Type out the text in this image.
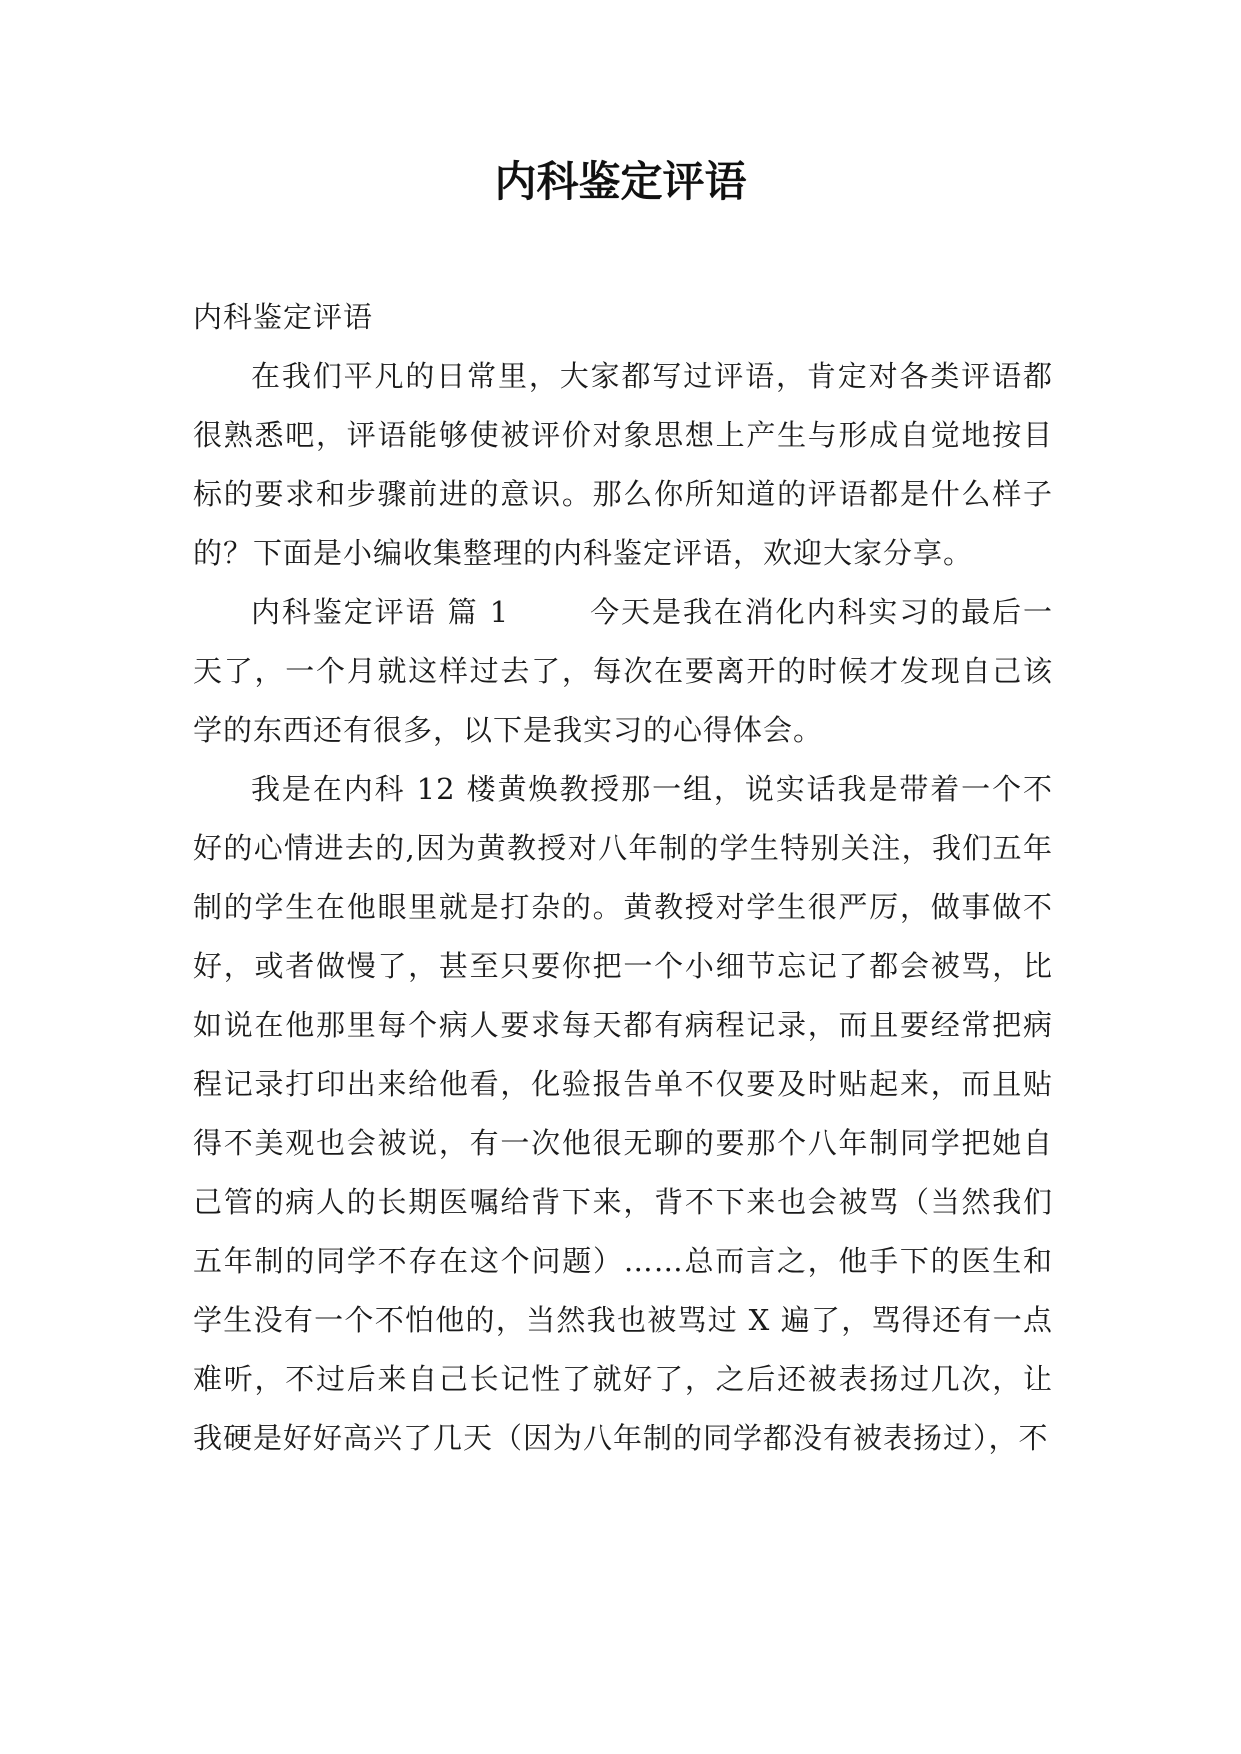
内科鉴定评语

内科鉴定评语

在我们平凡的日常里，大家都写过评语，肯定对各类评语都很熟悉吧，评语能够使被评价对象思想上产生与形成自觉地按目标的要求和步骤前进的意识。那么你所知道的评语都是什么样子的？下面是小编收集整理的内科鉴定评语，欢迎大家分享。

内科鉴定评语 篇 1	今天是我在消化内科实习的最后一天了，一个月就这样过去了，每次在要离开的时候才发现自己该学的东西还有很多，以下是我实习的心得体会。

我是在内科 12 楼黄焕教授那一组，说实话我是带着一个不好的心情进去的,因为黄教授对八年制的学生特别关注，我们五年制的学生在他眼里就是打杂的。黄教授对学生很严厉，做事做不好，或者做慢了，甚至只要你把一个小细节忘记了都会被骂，比如说在他那里每个病人要求每天都有病程记录，而且要经常把病程记录打印出来给他看，化验报告单不仅要及时贴起来，而且贴得不美观也会被说，有一次他很无聊的要那个八年制同学把她自己管的病人的长期医嘱给背下来，背不下来也会被骂（当然我们五年制的同学不存在这个问题）……总而言之，他手下的医生和学生没有一个不怕他的，当然我也被骂过 X 遍了，骂得还有一点难听，不过后来自己长记性了就好了，之后还被表扬过几次，让我硬是好好高兴了几天（因为八年制的同学都没有被表扬过），不
